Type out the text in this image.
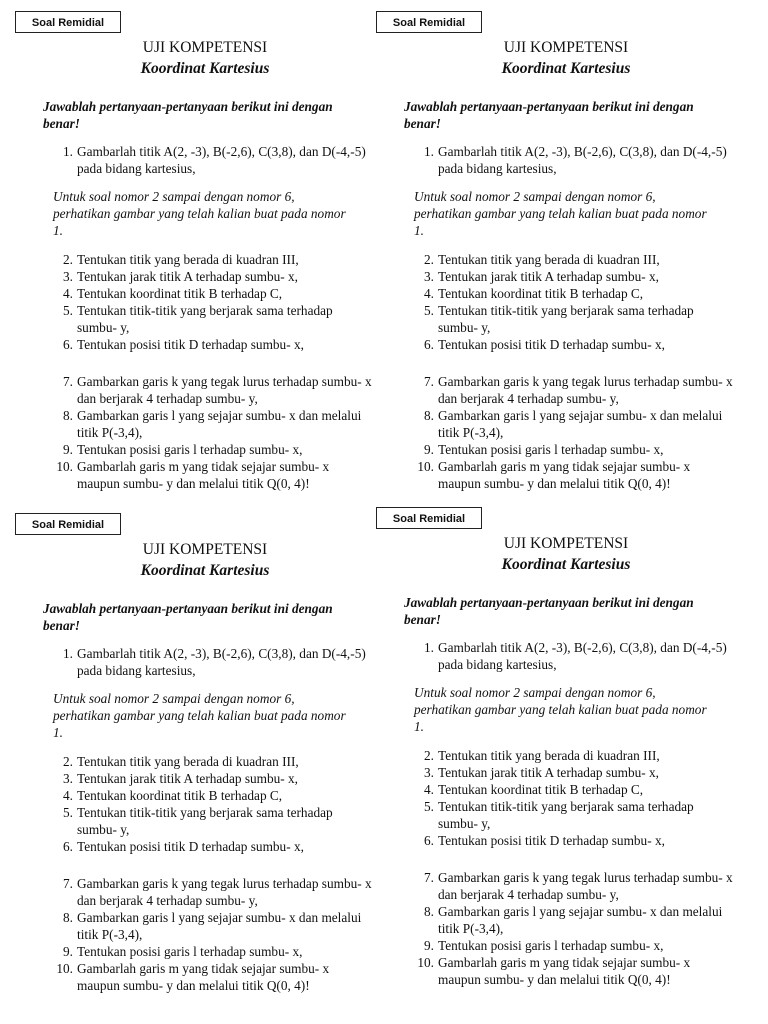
Soal Remidial
UJI KOMPETENSI
Koordinat Kartesius
Jawablah pertanyaan-pertanyaan berikut ini dengan benar!
1. Gambarlah titik A(2, -3), B(-2,6), C(3,8), dan D(-4,-5) pada bidang kartesius,
Untuk soal nomor 2 sampai dengan nomor 6, perhatikan gambar yang telah kalian buat pada nomor 1.
2. Tentukan titik yang berada di kuadran III,
3. Tentukan jarak titik A terhadap sumbu- x,
4. Tentukan koordinat titik B terhadap C,
5. Tentukan titik-titik yang berjarak sama terhadap sumbu- y,
6. Tentukan posisi titik D terhadap sumbu- x,
7. Gambarkan garis k yang tegak lurus terhadap sumbu- x dan berjarak 4 terhadap sumbu- y,
8. Gambarkan garis l yang sejajar sumbu- x dan melalui titik P(-3,4),
9. Tentukan posisi garis l terhadap sumbu- x,
10. Gambarlah garis m yang tidak sejajar sumbu- x maupun sumbu- y dan melalui titik Q(0, 4)!
Soal Remidial
UJI KOMPETENSI
Koordinat Kartesius
Jawablah pertanyaan-pertanyaan berikut ini dengan benar!
1. Gambarlah titik A(2, -3), B(-2,6), C(3,8), dan D(-4,-5) pada bidang kartesius,
Untuk soal nomor 2 sampai dengan nomor 6, perhatikan gambar yang telah kalian buat pada nomor 1.
2. Tentukan titik yang berada di kuadran III,
3. Tentukan jarak titik A terhadap sumbu- x,
4. Tentukan koordinat titik B terhadap C,
5. Tentukan titik-titik yang berjarak sama terhadap sumbu- y,
6. Tentukan posisi titik D terhadap sumbu- x,
7. Gambarkan garis k yang tegak lurus terhadap sumbu- x dan berjarak 4 terhadap sumbu- y,
8. Gambarkan garis l yang sejajar sumbu- x dan melalui titik P(-3,4),
9. Tentukan posisi garis l terhadap sumbu- x,
10. Gambarlah garis m yang tidak sejajar sumbu- x maupun sumbu- y dan melalui titik Q(0, 4)!
Soal Remidial
UJI KOMPETENSI
Koordinat Kartesius
Jawablah pertanyaan-pertanyaan berikut ini dengan benar!
1. Gambarlah titik A(2, -3), B(-2,6), C(3,8), dan D(-4,-5) pada bidang kartesius,
Untuk soal nomor 2 sampai dengan nomor 6, perhatikan gambar yang telah kalian buat pada nomor 1.
2. Tentukan titik yang berada di kuadran III,
3. Tentukan jarak titik A terhadap sumbu- x,
4. Tentukan koordinat titik B terhadap C,
5. Tentukan titik-titik yang berjarak sama terhadap sumbu- y,
6. Tentukan posisi titik D terhadap sumbu- x,
7. Gambarkan garis k yang tegak lurus terhadap sumbu- x dan berjarak 4 terhadap sumbu- y,
8. Gambarkan garis l yang sejajar sumbu- x dan melalui titik P(-3,4),
9. Tentukan posisi garis l terhadap sumbu- x,
10. Gambarlah garis m yang tidak sejajar sumbu- x maupun sumbu- y dan melalui titik Q(0, 4)!
Soal Remidial
UJI KOMPETENSI
Koordinat Kartesius
Jawablah pertanyaan-pertanyaan berikut ini dengan benar!
1. Gambarlah titik A(2, -3), B(-2,6), C(3,8), dan D(-4,-5) pada bidang kartesius,
Untuk soal nomor 2 sampai dengan nomor 6, perhatikan gambar yang telah kalian buat pada nomor 1.
2. Tentukan titik yang berada di kuadran III,
3. Tentukan jarak titik A terhadap sumbu- x,
4. Tentukan koordinat titik B terhadap C,
5. Tentukan titik-titik yang berjarak sama terhadap sumbu- y,
6. Tentukan posisi titik D terhadap sumbu- x,
7. Gambarkan garis k yang tegak lurus terhadap sumbu- x dan berjarak 4 terhadap sumbu- y,
8. Gambarkan garis l yang sejajar sumbu- x dan melalui titik P(-3,4),
9. Tentukan posisi garis l terhadap sumbu- x,
10. Gambarlah garis m yang tidak sejajar sumbu- x maupun sumbu- y dan melalui titik Q(0, 4)!
